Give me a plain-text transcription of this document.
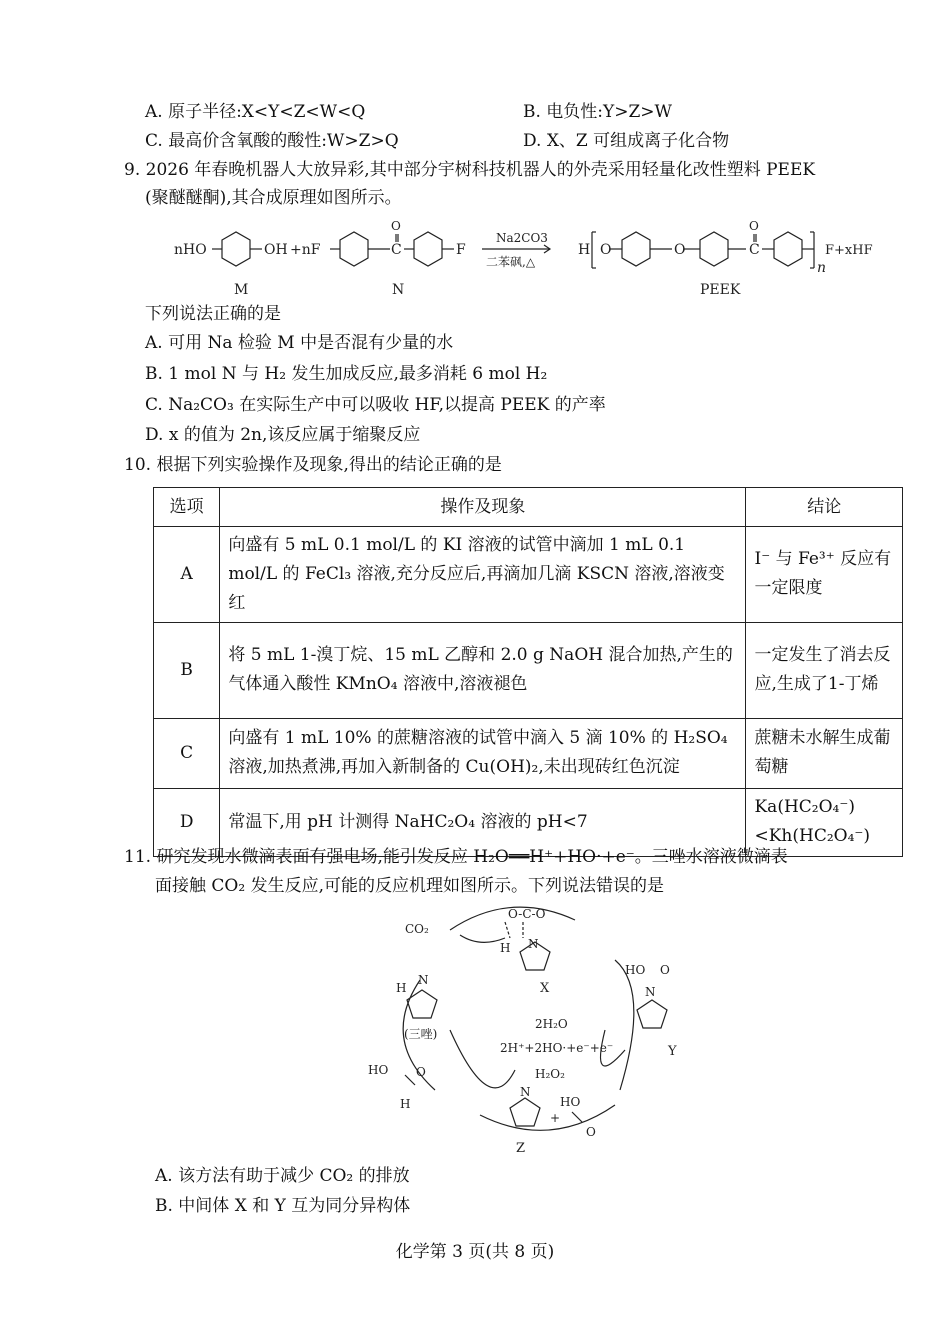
A. 原子半径:X<Y<Z<W<Q	B. 电负性:Y>Z>W
C. 最高价含氧酸的酸性:W>Z>Q	D. X、Z 可组成离子化合物
9. 2026 年春晚机器人大放异彩,其中部分宇树科技机器人的外壳采用轻量化改性塑料 PEEK
(聚醚醚酮),其合成原理如图所示。
nHO	OH +nF
O
C	F
Na2CO3
二苯砜,△
H O	O
O
C
n
F+xHF
M	N	PEEK
下列说法正确的是
A. 可用 Na 检验 M 中是否混有少量的水
B. 1 mol N 与 H₂ 发生加成反应,最多消耗 6 mol H₂
C. Na₂CO₃ 在实际生产中可以吸收 HF,以提高 PEEK 的产率
D. x 的值为 2n,该反应属于缩聚反应
10. 根据下列实验操作及现象,得出的结论正确的是
选项	操作及现象	结论
A	向盛有 5 mL 0.1 mol/L 的 KI 溶液的试管中滴加 1 mL 0.1 mol/L 的 FeCl₃ 溶液,充分反应后,再滴加几滴 KSCN 溶液,溶液变红	I⁻ 与 Fe³⁺ 反应有一定限度
B	将 5 mL 1-溴丁烷、15 mL 乙醇和 2.0 g NaOH 混合加热,产生的气体通入酸性 KMnO₄ 溶液中,溶液褪色	一定发生了消去反应,生成了1-丁烯
C	向盛有 1 mL 10% 的蔗糖溶液的试管中滴入 5 滴 10% 的 H₂SO₄ 溶液,加热煮沸,再加入新制备的 Cu(OH)₂,未出现砖红色沉淀	蔗糖未水解生成葡萄糖
D	常温下,用 pH 计测得 NaHC₂O₄ 溶液的 pH<7	Ka(HC₂O₄⁻)<Kh(HC₂O₄⁻)
11. 研究发现水微滴表面有强电场,能引发反应 H₂O══H⁺+HO·+e⁻。三唑水溶液微滴表
面接触 CO₂ 发生反应,可能的反应机理如图所示。下列说法错误的是
CO₂
O-C-O
H N
X
H
N
(三唑)
2H₂O
2H⁺+2HO·+e⁻+e⁻
H₂O₂
HO O
N
Y
HO O
H
N
+
HO
O
Z
A. 该方法有助于减少 CO₂ 的排放
B. 中间体 X 和 Y 互为同分异构体
化学第 3 页(共 8 页)
